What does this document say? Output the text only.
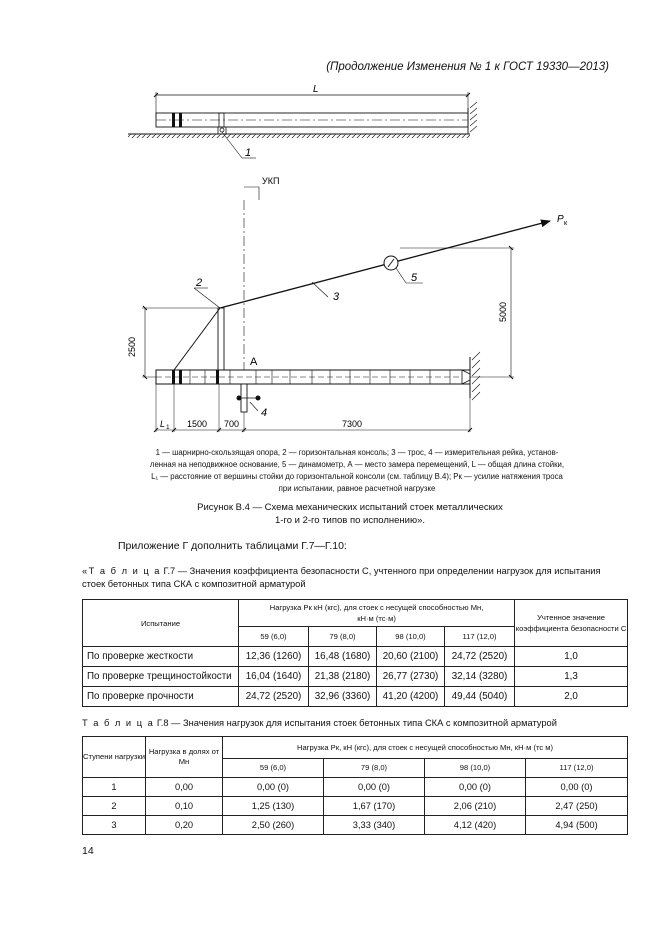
(Продолжение Изменения № 1 к ГОСТ 19330—2013)
L
1
УКП
P к
5
3
2
A
4
2500
5000
L 1 1500 700	7300
1 — шарнирно-скользящая опора, 2 — горизонтальная консоль; 3 — трос, 4 — измерительная рейка, установ-
ленная на неподвижное основание, 5 — динамометр, А — место замера перемещений, L — общая длина стойки,
L₁ — расстояние от вершины стойки до горизонтальной консоли (см. таблицу В.4); Pк — усилие натяжения троса
при испытании, равное расчетной нагрузке
Рисунок В.4 — Схема механических испытаний стоек металлических
1-го и 2-го типов по исполнению».
Приложение Г дополнить таблицами Г.7—Г.10:
«Т а б л и ц а Г.7 — Значения коэффициента безопасности С, учтенного при определении нагрузок для испытания
стоек бетонных типа СКА с композитной арматурой
Испытание	Нагрузка Pк кН (кгс), для стоек с несущей способностью Mн,
кН·м (тс·м)				Учтенное значение коэффициента безопасности С
	59 (6,0)	79 (8,0)	98 (10,0)	117 (12,0)	
По проверке жесткости	12,36 (1260)	16,48 (1680)	20,60 (2100)	24,72 (2520)	1,0
По проверке трещиностойкости	16,04 (1640)	21,38 (2180)	26,77 (2730)	32,14 (3280)	1,3
По проверке прочности	24,72 (2520)	32,96 (3360)	41,20 (4200)	49,44 (5040)	2,0
Т а б л и ц а Г.8 — Значения нагрузок для испытания стоек бетонных типа СКА с композитной арматурой
Ступени нагрузки	Нагрузка в долях от Mн	Нагрузка Pк, кН (кгс), для стоек с несущей способностью Mн, кН·м (тс м)			
		59 (6,0)	79 (8,0)	98 (10,0)	117 (12,0)
1	0,00	0,00 (0)	0,00 (0)	0,00 (0)	0,00 (0)
2	0,10	1,25 (130)	1,67 (170)	2,06 (210)	2,47 (250)
3	0,20	2,50 (260)	3,33 (340)	4,12 (420)	4,94 (500)
14
